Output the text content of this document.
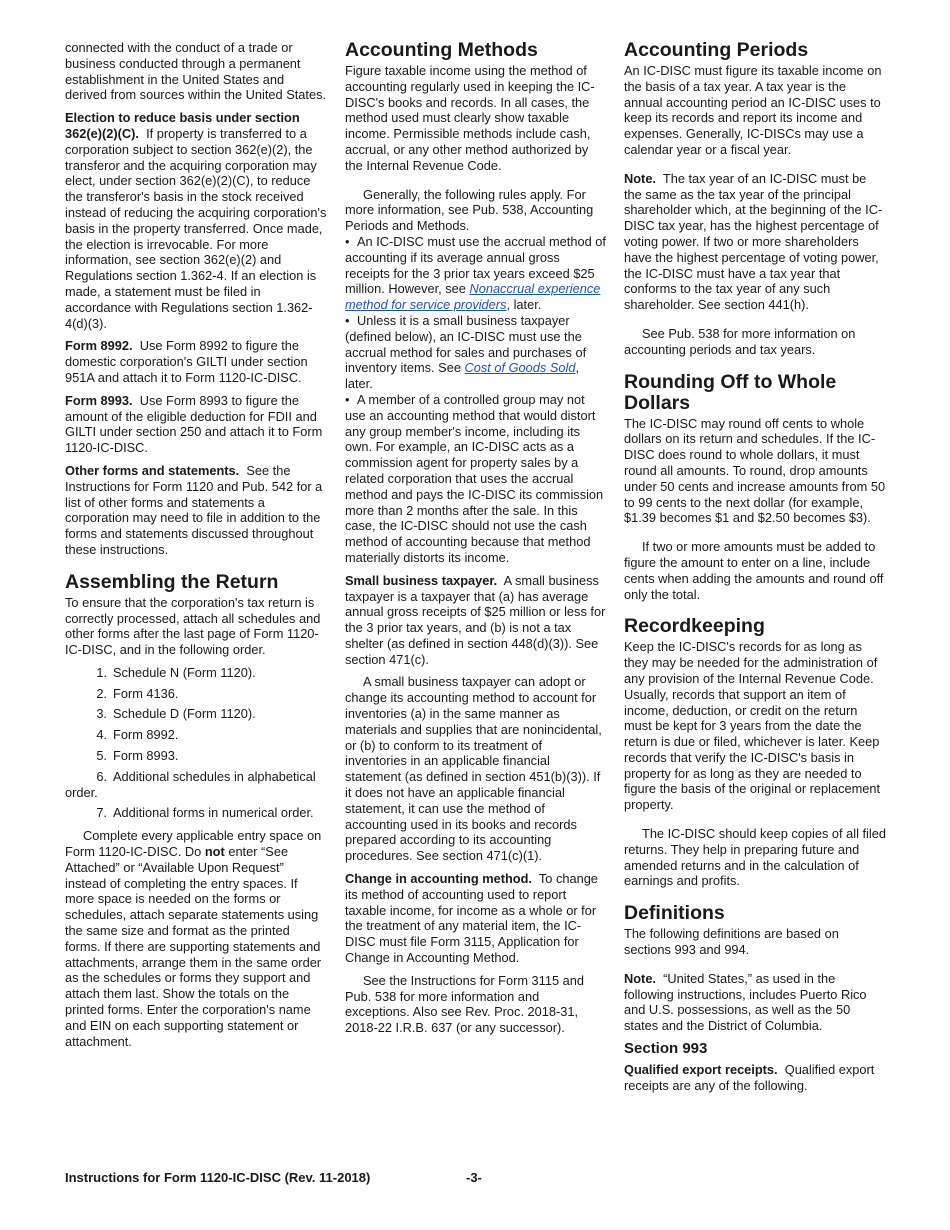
connected with the conduct of a trade or business conducted through a permanent establishment in the United States and derived from sources within the United States.

Election to reduce basis under section 362(e)(2)(C). If property is transferred to a corporation subject to section 362(e)(2), the transferor and the acquiring corporation may elect, under section 362(e)(2)(C), to reduce the transferor's basis in the stock received instead of reducing the acquiring corporation's basis in the property transferred. Once made, the election is irrevocable. For more information, see section 362(e)(2) and Regulations section 1.362-4. If an election is made, a statement must be filed in accordance with Regulations section 1.362-4(d)(3).

Form 8992. Use Form 8992 to figure the domestic corporation's GILTI under section 951A and attach it to Form 1120-IC-DISC.

Form 8993. Use Form 8993 to figure the amount of the eligible deduction for FDII and GILTI under section 250 and attach it to Form 1120-IC-DISC.

Other forms and statements. See the Instructions for Form 1120 and Pub. 542 for a list of other forms and statements a corporation may need to file in addition to the forms and statements discussed throughout these instructions.

Assembling the Return

To ensure that the corporation's tax return is correctly processed, attach all schedules and other forms after the last page of Form 1120-IC-DISC, and in the following order.

1. Schedule N (Form 1120).
2. Form 4136.
3. Schedule D (Form 1120).
4. Form 8992.
5. Form 8993.
6. Additional schedules in alphabetical order.
7. Additional forms in numerical order.

Complete every applicable entry space on Form 1120-IC-DISC. Do not enter “See Attached” or “Available Upon Request” instead of completing the entry spaces. If more space is needed on the forms or schedules, attach separate statements using the same size and format as the printed forms. If there are supporting statements and attachments, arrange them in the same order as the schedules or forms they support and attach them last. Show the totals on the printed forms. Enter the corporation's name and EIN on each supporting statement or attachment.

Accounting Methods

Figure taxable income using the method of accounting regularly used in keeping the IC-DISC's books and records. In all cases, the method used must clearly show taxable income. Permissible methods include cash, accrual, or any other method authorized by the Internal Revenue Code.

Generally, the following rules apply. For more information, see Pub. 538, Accounting Periods and Methods.

• An IC-DISC must use the accrual method of accounting if its average annual gross receipts for the 3 prior tax years exceed $25 million. However, see Nonaccrual experience method for service providers, later.

• Unless it is a small business taxpayer (defined below), an IC-DISC must use the accrual method for sales and purchases of inventory items. See Cost of Goods Sold, later.

• A member of a controlled group may not use an accounting method that would distort any group member's income, including its own. For example, an IC-DISC acts as a commission agent for property sales by a related corporation that uses the accrual method and pays the IC-DISC its commission more than 2 months after the sale. In this case, the IC-DISC should not use the cash method of accounting because that method materially distorts its income.

Small business taxpayer. A small business taxpayer is a taxpayer that (a) has average annual gross receipts of $25 million or less for the 3 prior tax years, and (b) is not a tax shelter (as defined in section 448(d)(3)). See section 471(c).

A small business taxpayer can adopt or change its accounting method to account for inventories (a) in the same manner as materials and supplies that are nonincidental, or (b) to conform to its treatment of inventories in an applicable financial statement (as defined in section 451(b)(3)). If it does not have an applicable financial statement, it can use the method of accounting used in its books and records prepared according to its accounting procedures. See section 471(c)(1).

Change in accounting method. To change its method of accounting used to report taxable income, for income as a whole or for the treatment of any material item, the IC-DISC must file Form 3115, Application for Change in Accounting Method.

See the Instructions for Form 3115 and Pub. 538 for more information and exceptions. Also see Rev. Proc. 2018-31, 2018-22 I.R.B. 637 (or any successor).

Accounting Periods

An IC-DISC must figure its taxable income on the basis of a tax year. A tax year is the annual accounting period an IC-DISC uses to keep its records and report its income and expenses. Generally, IC-DISCs may use a calendar year or a fiscal year.

Note. The tax year of an IC-DISC must be the same as the tax year of the principal shareholder which, at the beginning of the IC-DISC tax year, has the highest percentage of voting power. If two or more shareholders have the highest percentage of voting power, the IC-DISC must have a tax year that conforms to the tax year of any such shareholder. See section 441(h).

See Pub. 538 for more information on accounting periods and tax years.

Rounding Off to Whole Dollars

The IC-DISC may round off cents to whole dollars on its return and schedules. If the IC-DISC does round to whole dollars, it must round all amounts. To round, drop amounts under 50 cents and increase amounts from 50 to 99 cents to the next dollar (for example, $1.39 becomes $1 and $2.50 becomes $3).

If two or more amounts must be added to figure the amount to enter on a line, include cents when adding the amounts and round off only the total.

Recordkeeping

Keep the IC-DISC's records for as long as they may be needed for the administration of any provision of the Internal Revenue Code. Usually, records that support an item of income, deduction, or credit on the return must be kept for 3 years from the date the return is due or filed, whichever is later. Keep records that verify the IC-DISC's basis in property for as long as they are needed to figure the basis of the original or replacement property.

The IC-DISC should keep copies of all filed returns. They help in preparing future and amended returns and in the calculation of earnings and profits.

Definitions

The following definitions are based on sections 993 and 994.

Note. “United States,” as used in the following instructions, includes Puerto Rico and U.S. possessions, as well as the 50 states and the District of Columbia.

Section 993

Qualified export receipts. Qualified export receipts are any of the following.

Instructions for Form 1120-IC-DISC (Rev. 11-2018)	-3-
